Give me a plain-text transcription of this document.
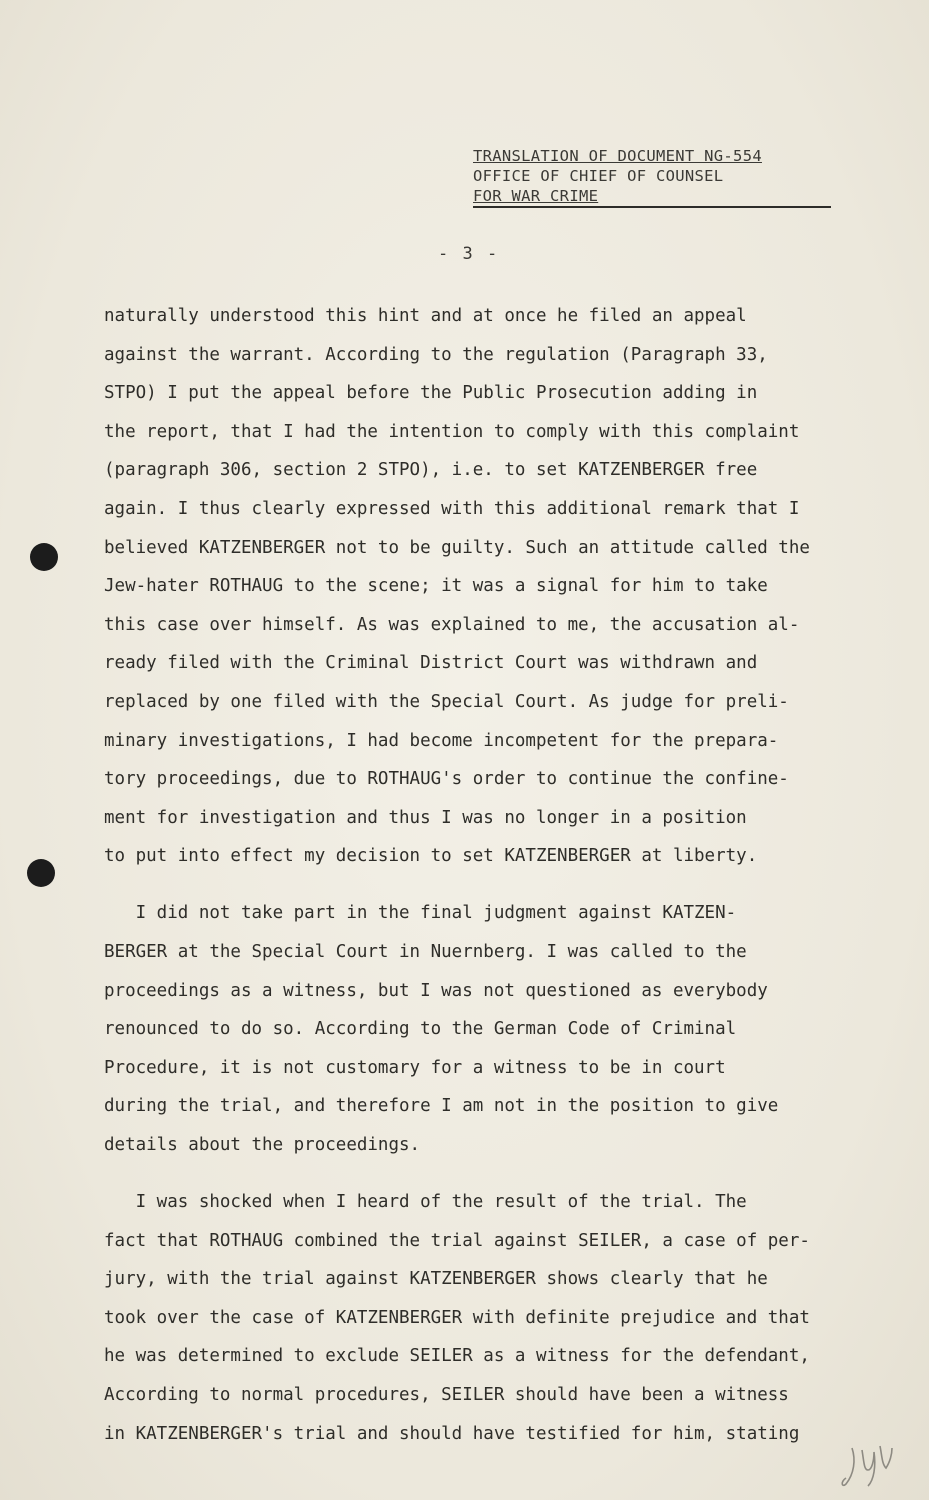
TRANSLATION OF DOCUMENT NG-554
OFFICE OF CHIEF OF COUNSEL
FOR WAR CRIME
- 3 -
naturally understood this hint and at once he filed an appeal
against the warrant. According to the regulation (Paragraph 33,
STPO) I put the appeal before the Public Prosecution adding in
the report, that I had the intention to comply with this complaint
(paragraph 306, section 2 STPO), i.e. to set KATZENBERGER free
again. I thus clearly expressed with this additional remark that I
believed KATZENBERGER not to be guilty. Such an attitude called the
Jew-hater ROTHAUG to the scene; it was a signal for him to take
this case over himself. As was explained to me, the accusation al-
ready filed with the Criminal District Court was withdrawn and
replaced by one filed with the Special Court. As judge for preli-
minary investigations, I had become incompetent for the prepara-
tory proceedings, due to ROTHAUG's order to continue the confine-
ment for investigation and thus I was no longer in a position
to put into effect my decision to set KATZENBERGER at liberty.
I did not take part in the final judgment against KATZEN-
BERGER at the Special Court in Nuernberg. I was called to the
proceedings as a witness, but I was not questioned as everybody
renounced to do so. According to the German Code of Criminal
Procedure, it is not customary for a witness to be in court
during the trial, and therefore I am not in the position to give
details about the proceedings.
I was shocked when I heard of the result of the trial. The
fact that ROTHAUG combined the trial against SEILER, a case of per-
jury, with the trial against KATZENBERGER shows clearly that he
took over the case of KATZENBERGER with definite prejudice and that
he was determined to exclude SEILER as a witness for the defendant,
According to normal procedures, SEILER should have been a witness
in KATZENBERGER's trial and should have testified for him, stating
